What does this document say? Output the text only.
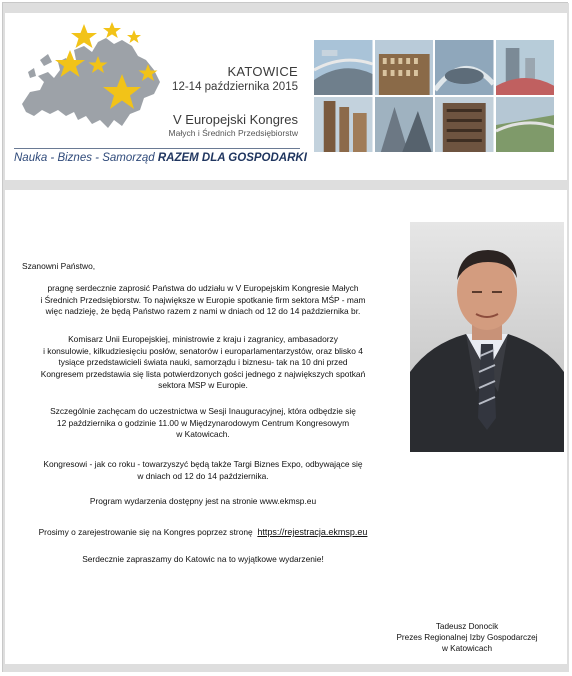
KATOWICE
12-14 października 2015
V Europejski Kongres
Małych i Średnich Przedsiębiorstw
Nauka - Biznes - Samorząd RAZEM DLA GOSPODARKI
Szanowni Państwo,
pragnę serdecznie zaprosić Państwa do udziału w V Europejskim Kongresie Małych
i Średnich Przedsiębiorstw. To największe w Europie spotkanie firm sektora MŚP - mam
więc nadzieję, że będą Państwo razem z nami w dniach od 12 do 14 października br.
Komisarz Unii Europejskiej, ministrowie z kraju i zagranicy, ambasadorzy
i konsulowie, kilkudziesięciu posłów, senatorów i europarlamentarzystów, oraz blisko 4
tysiące przedstawicieli świata nauki, samorządu i biznesu- tak na 10 dni przed
Kongresem przedstawia się lista potwierdzonych gości jednego z największych spotkań
sektora MSP w Europie.
Szczególnie zachęcam do uczestnictwa w Sesji Inauguracyjnej, która odbędzie się
12 października o godzinie 11.00 w Międzynarodowym Centrum Kongresowym
w Katowicach.
Kongresowi - jak co roku - towarzyszyć będą także Targi Biznes Expo, odbywające się
w dniach od 12 do 14 października.
Program wydarzenia dostępny jest na stronie www.ekmsp.eu
Prosimy o zarejestrowanie się na Kongres poprzez stronę https://rejestracja.ekmsp.eu
Serdecznie zapraszamy do Katowic na to wyjątkowe wydarzenie!
Tadeusz Donocik
Prezes Regionalnej Izby Gospodarczej
w Katowicach
